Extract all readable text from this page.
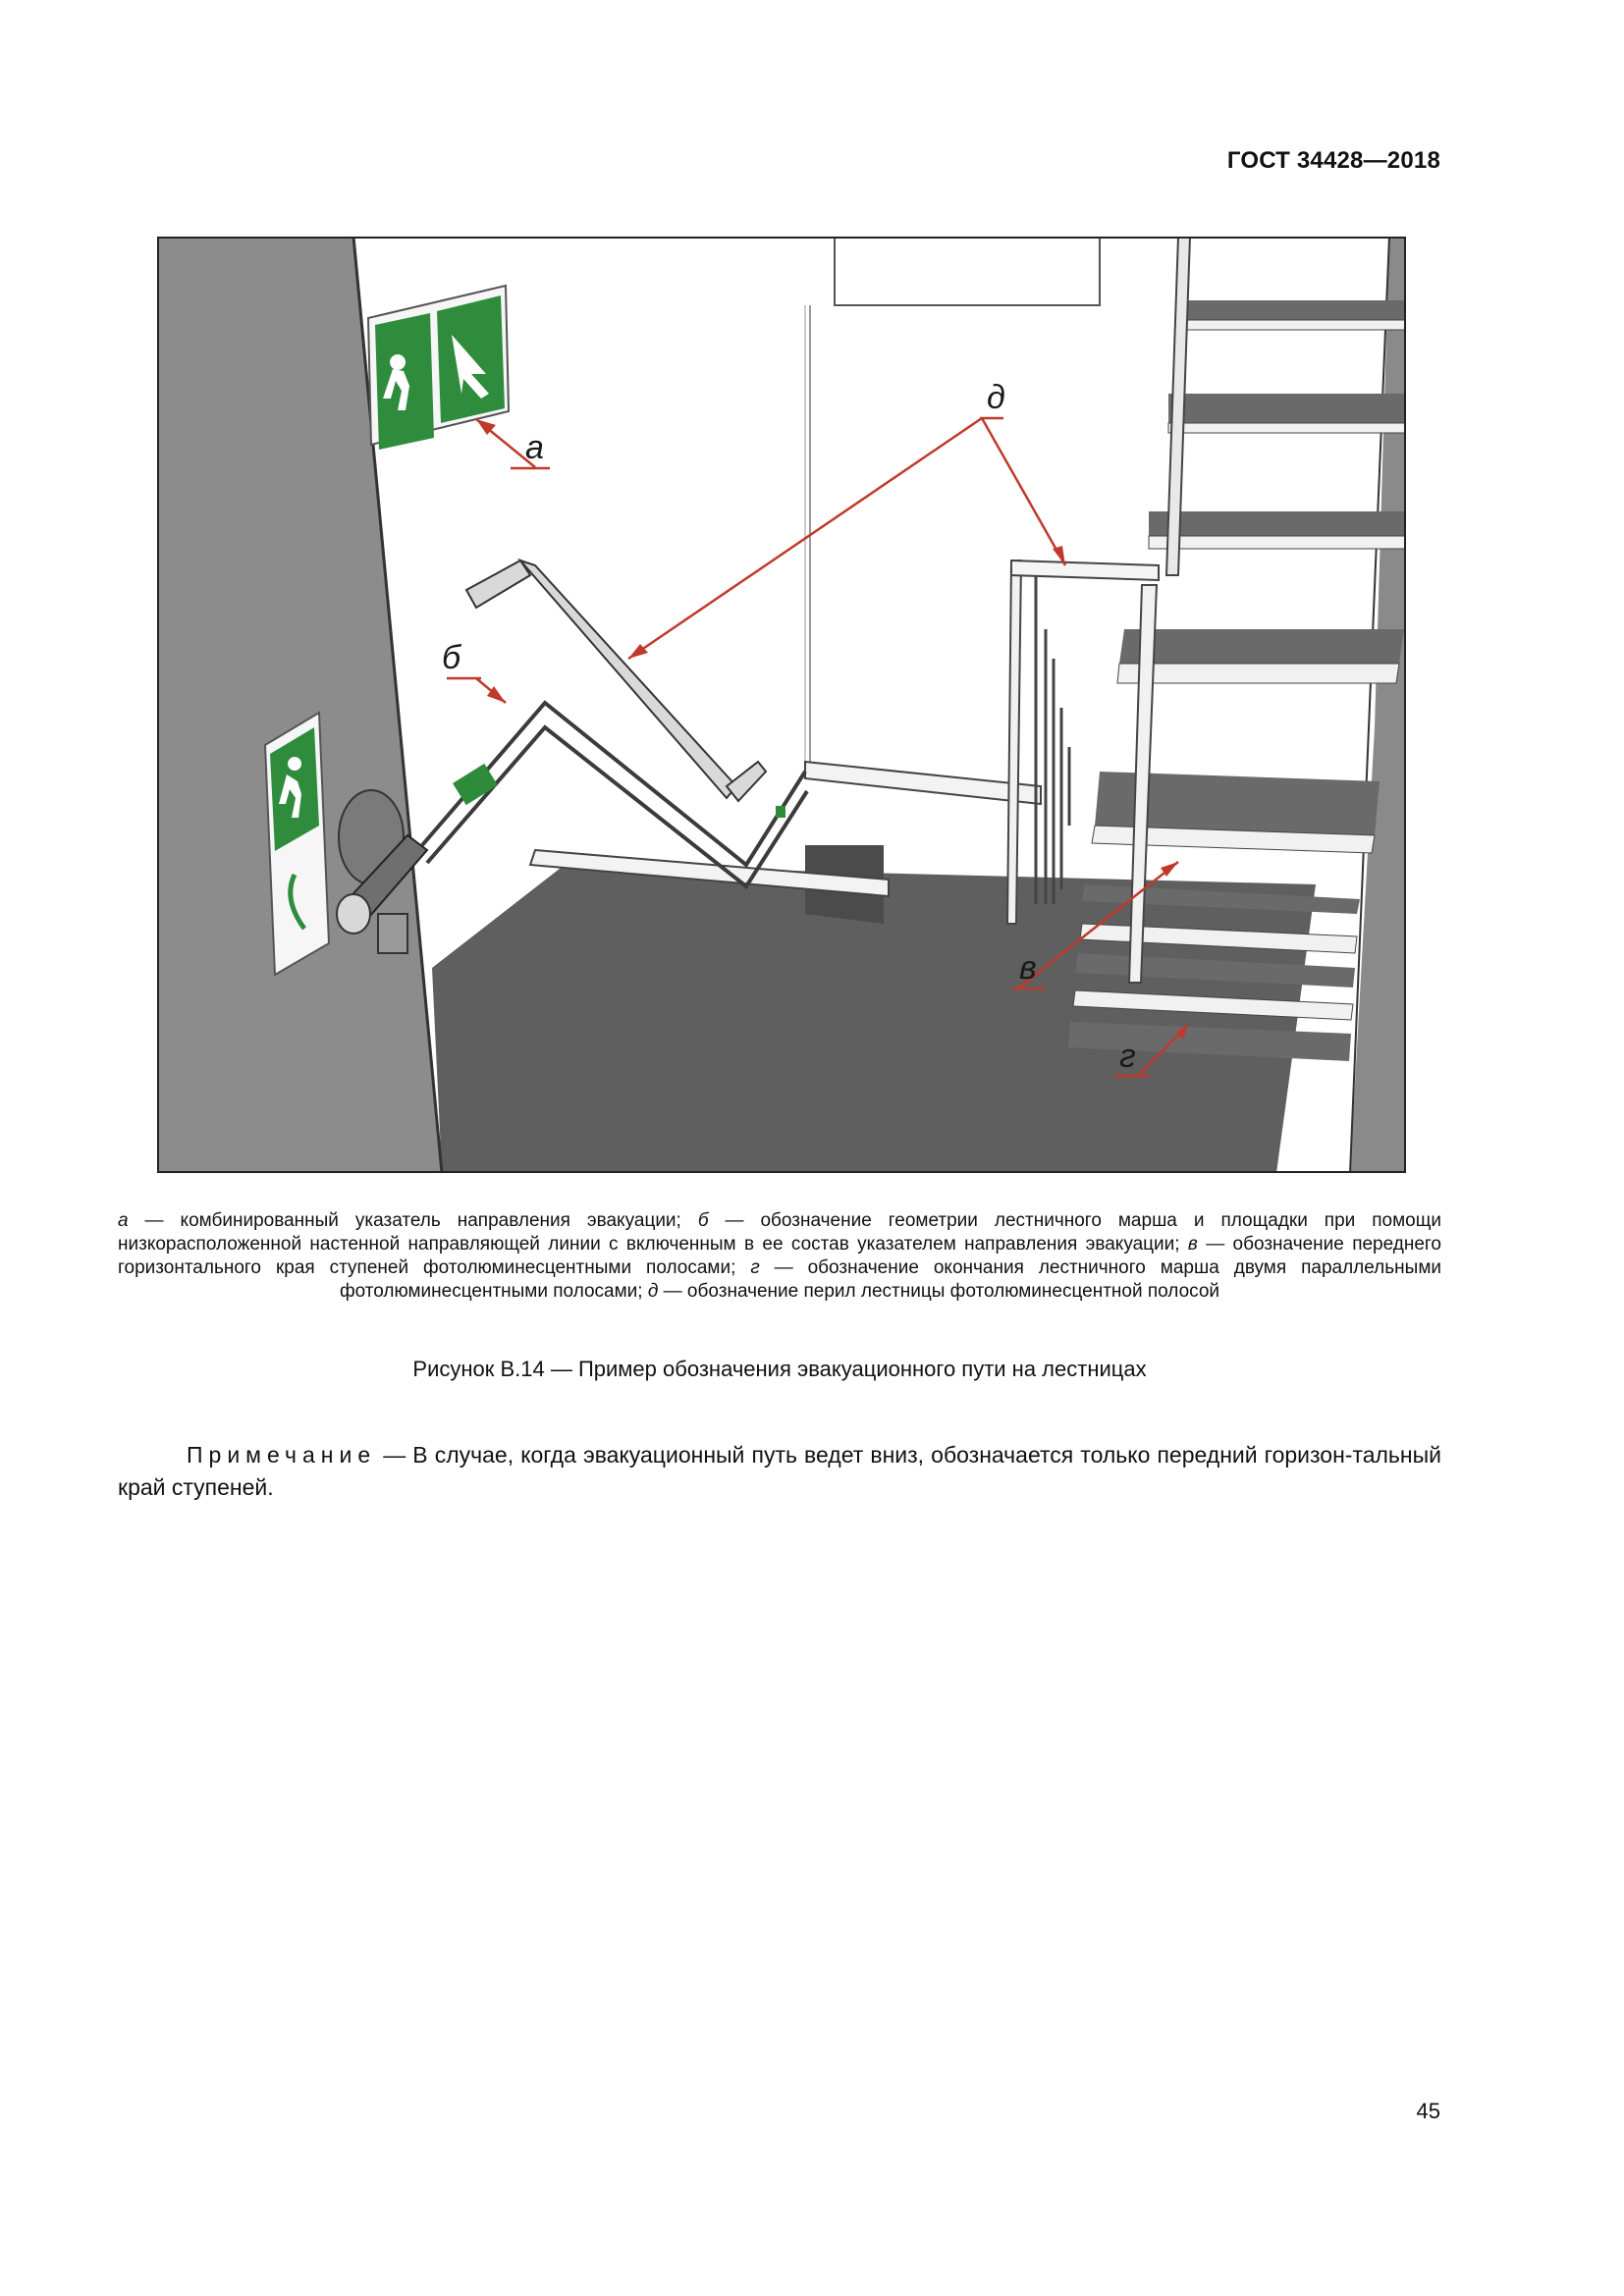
ГОСТ 34428—2018
а
б
д
в
г
а — комбинированный указатель направления эвакуации; б — обозначение геометрии лестничного марша и площадки при помощи низкорасположенной настенной направляющей линии с включенным в ее состав указателем направления эвакуации; в — обозначение переднего горизонтального края ступеней фотолюминесцентными полосами; г — обозначение окончания лестничного марша двумя параллельными фотолюминесцентными полосами; д — обозначение перил лестницы фотолюминесцентной полосой
Рисунок В.14 — Пример обозначения эвакуационного пути на лестницах
Примечание — В случае, когда эвакуационный путь ведет вниз, обозначается только передний горизон-тальный край ступеней.
45
